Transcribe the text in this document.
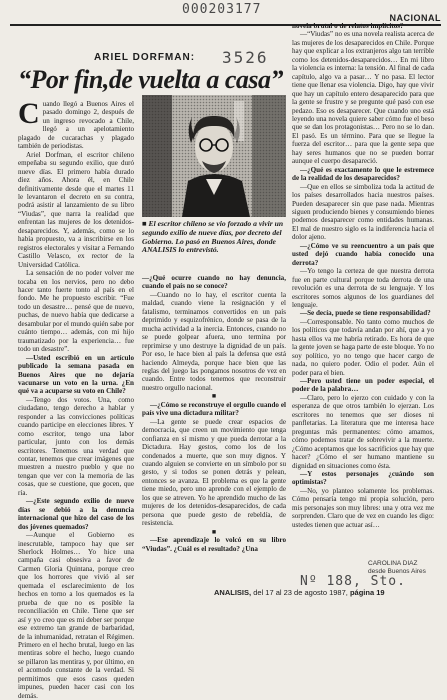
000203177
NACIONAL
ARIEL DORFMAN: 3526
“Por fin,de vuelta a casa”

Cuando llegó a Buenos Aires el pasado domingo 2, después de un ingreso revocado a Chile, llegó a un apelotamiento plagado de cucarachas y plagado también de periodistas.

Ariel Dorfman, el escritor chileno empeñaba su segundo exilio, que duró nueve días. El primero había durado diez años. Ahora él, en Chile definitivamente desde que el martes 11 le levantaron el decreto en su contra, podrá asistir al lanzamiento de su libro “Viudas”, que narra la realidad que enfrentan las mujeres de los detenidos-desaparecidos. Y, además, como se lo había propuesto, va a inscribirse en los registros electorales y visitar a Fernando Castillo Velasco, ex rector de la Universidad Católica.

La sensación de no poder volver me tocaba en los nervios, pero no debo hacer tanto fuerte tonto al país en el fondo. Me he propuesto escribir. “Fue todo un desastre… pensé que de nuevo, puchas, de nuevo había que dedicarse a desambular por el mundo quién sabe por cuánto tiempo… además, con mi hijo traumatizado por la experiencia… fue todo un desastre”.

—Usted escribió en un artículo publicado la semana pasada en Buenos Aires que no dejaría vacunarse un voto en la urna. ¿En qué va a acuparse su voto en Chile?

—Tengo dos votos. Una, como ciudadano, tengo derecho a hablar y responder a las convicciones políticas cuando participe en elecciones libres. Y como escritor, tengo una labor particular, junto con los demás escritores. Tenemos una verdad que contar, tenemos que crear imágenes que muestren a nuestro pueblo y que no tengan que ver con la memoria de las cosas, que se cuestione, que gocen, que ría.

—¿Este segundo exilio de nueve días se debió a la denuncia internacional que hizo del caso de los dos jóvenes quemados?

—Aunque el Gobierno es inescrutable, tampoco hay que ser Sherlock Holmes… Yo hice una campaña casi obsesiva a favor de Carmen Gloria Quintana, porque creo que los horrores que vivió al ser quemada el esclarecimiento de los hechos en torno a los quemados es la prueba de que no es posible la reconciliación en Chile. Tiene que ser así y yo creo que es mi deber ser porque ese extremo tan grande de barbaridad, de la inhumanidad, retratan el Régimen. Primero en el hecho brutal, luego en las mentiras sobre el hecho, luego cuando se pillaron las mentiras y, por último, en el acomodo constante de la verdad. Si permitimos que esos casos queden impunes, pueden hacer casi con los demás.

■ El escritor chileno se vio forzado a vivir un segundo exilio de nueve días, por decreto del Gobierno. Lo pasó en Buenos Aires, donde ANALISIS lo entrevistó.

—¿Qué ocurre cuando no hay denuncia, cuando el país no se conoce?

—Cuando no lo hay, el escritor cuenta la maldad, cuando viene la resignación y el fatalismo, terminamos convertidos en un país deprimido y esquizofrénico, donde se pasa de la mucha actividad a la inercia. Entonces, cuando no se puede golpear afuera, uno termina por reprimirse y uno destruye la dignidad de un país. Por eso, le hace bien al país la defensa que está haciendo Almeyda, porque hace bien que las reglas del juego las pongamos nosotros de vez en cuando. Entre todos tenemos que reconstruir nuestro orgullo nacional.

■

—¿Cómo se reconstruye el orgullo cuando el país vive una dictadura militar?

—La gente se puede crear espacios de democracia, que creen un movimiento que tenga confianza en sí mismo y que pueda derrotar a la Dictadura. Hay gestos, como los de los condenados a muerte, que son muy dignos. Y cuando alguien se convierte en un símbolo por su gesto, y si todos se ponen detrás y pelean, entonces se avanza. El problema es que la gente tiene miedo, pero uno aprende con el ejemplo de los que se atreven. Yo he aprendido mucho de las mujeres de los detenidos-desaparecidos, de cada persona que puede gesto de rebeldía, de resistencia.

■

—Ese aprendizaje lo volcó en su libro “Viudas”. ¿Cuál es el resultado? ¿Una

novela brutal o de relatos implícitos?

—“Viudas” no es una novela realista acerca de las mujeres de los desaparecidos en Chile. Porque hay que explicar a los extranjeros algo tan terrible como los detenidos-desaparecidos… En mi libro la violencia es interna: la tensión. Al final de cada capítulo, algo va a pasar… Y no pasa. El lector tiene que llenar esa violencia. Digo, hay que vivir que hay un capítulo entero desaparecido para que la gente se frustre y se pregunte qué pasó con ese pedazo. Eso es desaparecer. Que cuando uno está leyendo una novela quiere saber cómo fue el beso que se dan los protagonistas… Pero no se lo dan. El pasó. Es un término. Para que se llegue la fuerza del escritor… para que la gente sepa que hay seres humanos que no se pueden borrar aunque el cuerpo desapareció.

—¿Qué es exactamente lo que le estremece de la realidad de los desaparecidos?

—Que en ellos se simboliza toda la actitud de los países desarrollados hacia nuestros países. Pueden desaparecer sin que pase nada. Mientras siguen produciendo bienes y consumiendo bienes podemos desaparecer como entidades humanas. El mal de nuestro siglo es la indiferencia hacia el dolor ajeno.

—¿Cómo ve su reencuentro a un país que usted dejó cuando había conocido una derrota?

—Yo tengo la certeza de que nuestra derrota fue en parte cultural porque toda derrota de una revolución es una derrota de su lenguaje. Y los escritores somos algunos de los guardianes del lenguaje.

—Se decía, puede se tiene responsabilidad?

—Corresponsable. No tanto como muchos de los políticos que todavía andan por ahí, que a yo hasta ellos va me habría retirado. Es hora de que la gente joven se haga parte de este bloque. Yo no soy político, yo no tengo que hacer cargo de nada, no quiero poder. Odio el poder. Aún el poder para el bien.

—Pero usted tiene un poder especial, el poder de la palabra…

—Claro, pero lo ejerzo con cuidado y con la esperanza de que otros también lo ejerzan. Los escritores no tenemos que ser dioses ni panfletarias. La literatura que me interesa hace preguntas más permanentes: cómo amamos, cómo podemos tratar de sobrevivir a la muerte. ¿Cómo aceptamos que los sacrificios que hay que hacer? ¿Cómo el ser humano mantiene su dignidad en situaciones como ésta.

—Y estos personajes ¿cuándo son optimistas?

—No, yo planteo solamente los problemas. Cómo pensaría tengo mi propia solución, pero mis personajes son muy libres: una y otra vez me sorprenden. Claro que de vez en cuando les digo: ustedes tienen que actuar así…

CAROLINA DIAZ
desde Buenos Aires
ANALISIS, del 17 al 23 de agosto 1987, página 19
Nº 188, Sto.
